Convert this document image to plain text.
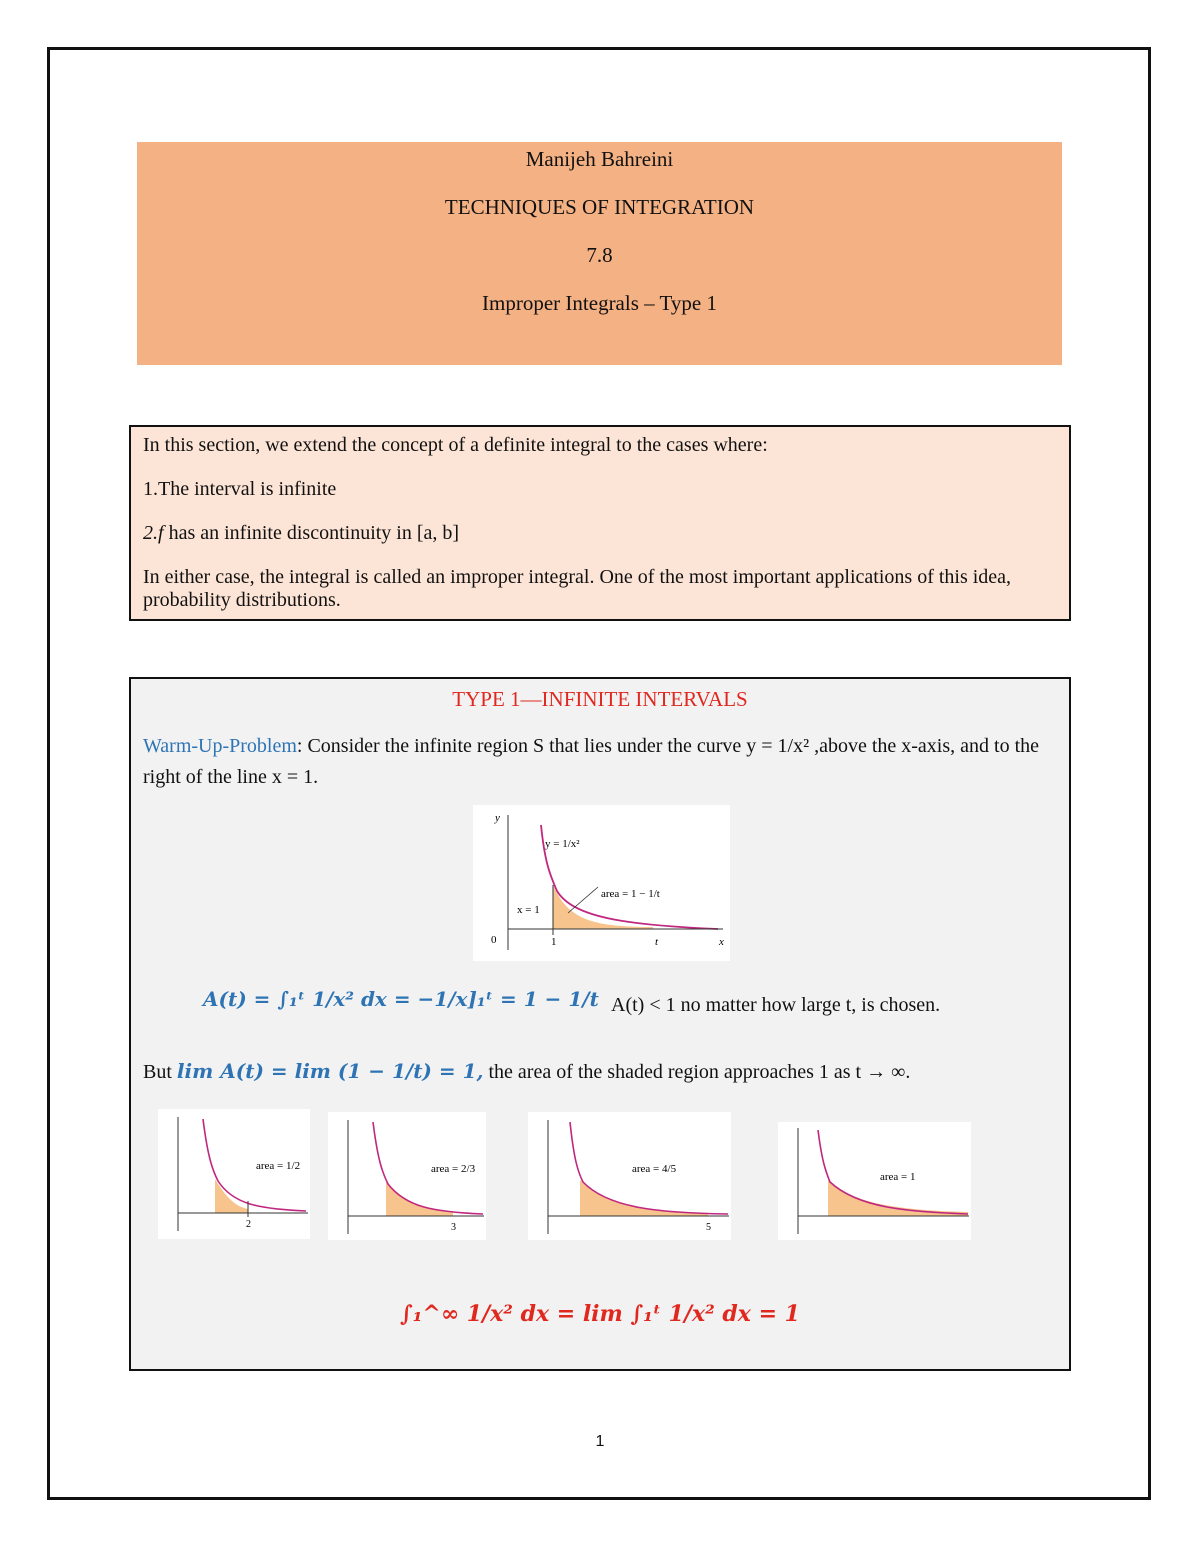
Manijeh Bahreini
TECHNIQUES OF INTEGRATION
7.8
Improper Integrals – Type 1
In this section, we extend the concept of a definite integral to the cases where:
1.The interval is infinite
2.f has an infinite discontinuity in [a, b]
In either case, the integral is called an improper integral. One of the most important applications of this idea, probability distributions.
TYPE 1—INFINITE INTERVALS
Warm-Up-Problem: Consider the infinite region S that lies under the curve y = 1/x² ,above the x-axis, and to the right of the line x = 1.
y
y = 1/x²
area = 1 − 1/t
x = 1
0	1	t	x
A(t) = ∫₁ᵗ 1/x² dx = −1/x]₁ᵗ = 1 − 1/t A(t) < 1 no matter how large t, is chosen.
But lim A(t) = lim (1 − 1/t) = 1, the area of the shaded region approaches 1 as t → ∞.
area = 1/2
2
area = 2/3
3
area = 4/5
5
area = 1
∫₁^∞ 1/x² dx = lim ∫₁ᵗ 1/x² dx = 1
1
